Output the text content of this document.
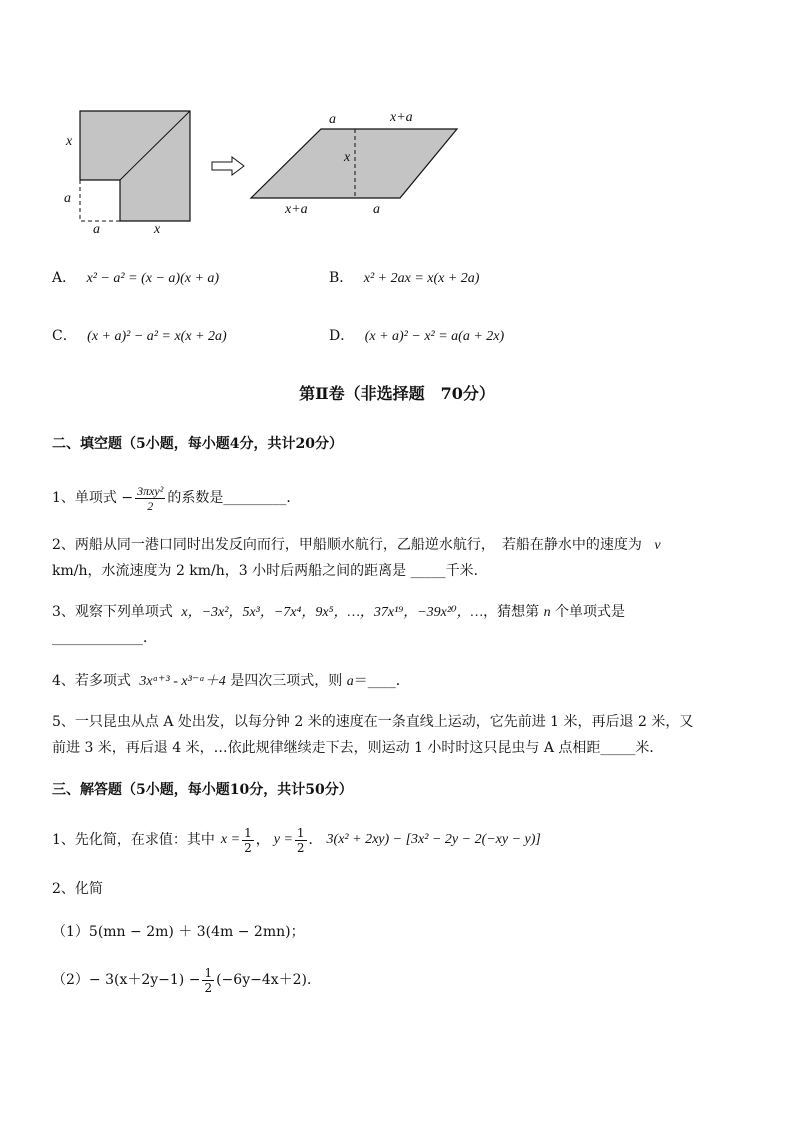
x
a
a	x
a	x+a
x
x+a	a
A． x² − a² = (x − a)(x + a)	B． x² + 2ax = x(x + 2a)
C． (x + a)² − a² = x(x + 2a)	D． (x + a)² − x² = a(a + 2x)
第Ⅱ卷（非选择题　70分）
二、填空题（5小题，每小题4分，共计20分）
1、单项式 − $\frac{\text{3πxy²}}{2}$ 的系数是_________．
2、两船从同一港口同时出发反向而行，甲船顺水航行，乙船逆水航行，　若船在静水中的速度为 v
km/h，水流速度为 2 km/h，3 小时后两船之间的距离是 _____千米．
3、观察下列单项式 x，−3x²，5x³，−7x⁴，9x⁵，…，37x¹⁹，−39x²⁰，…，猜想第 n 个单项式是
_____________．
4、若多项式 3xᵃ⁺³ - x³⁻ᵃ＋4 是四次三项式，则 a＝____．
5、一只昆虫从点 A 处出发，以每分钟 2 米的速度在一条直线上运动，它先前进 1 米，再后退 2 米，又
前进 3 米，再后退 4 米，…依此规律继续走下去，则运动 1 小时时这只昆虫与 A 点相距_____米．
三、解答题（5小题，每小题10分，共计50分）
1、先化简，在求值：其中 $x = \frac{1}{2}$ ， $y = \frac{1}{2}$ ． 3(x² + 2xy) − [3x² − 2y − 2(−xy − y)]
2、化简
（1）5(mn − 2m) ＋ 3(4m − 2mn)；
$(2)- 3(x+2y-1) - \frac{1}{2} (-6y-4x+2)$．
